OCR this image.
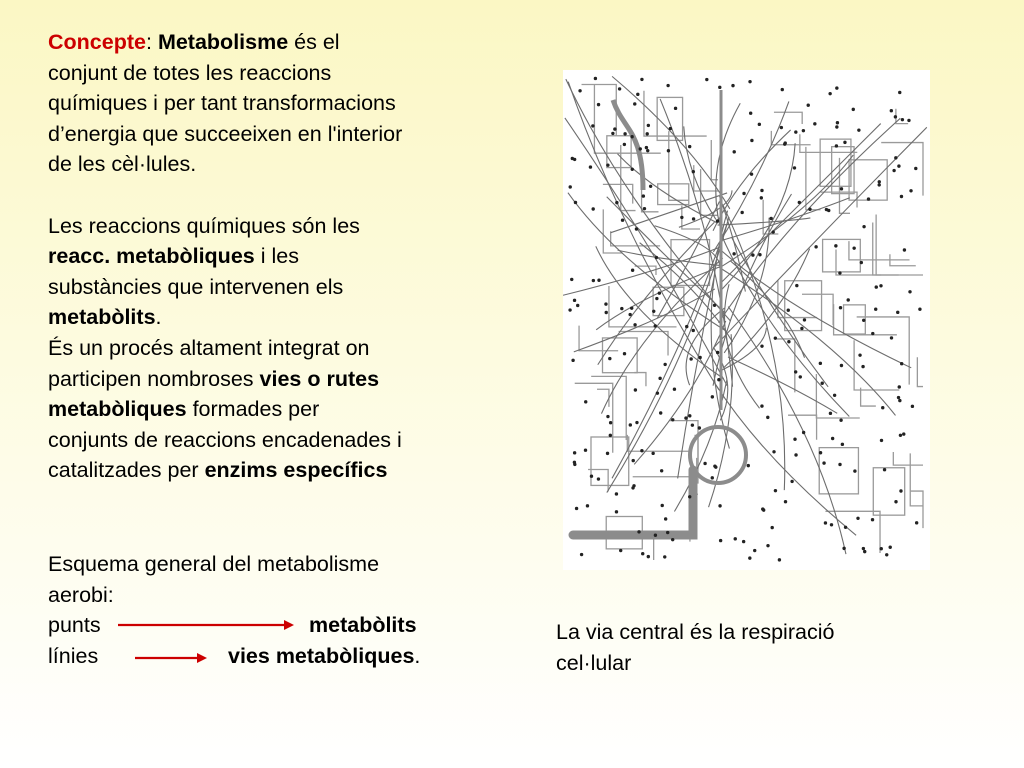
Concepte: Metabolisme és el
conjunt de totes les reaccions
químiques i per tant transformacions
d’energia que succeeixen en l'interior
de les cèl·lules.
Les reaccions químiques són les
reacc. metabòliques i les
substàncies que intervenen els
metabòlits.
És un procés altament integrat on
participen nombroses vies o rutes
metabòliques formades per
conjunts de reaccions encadenades i
catalitzades per enzims específics
Esquema general del metabolisme
aerobi:
punts	metabòlits
línies	vies metabòliques.
La via central és la respiració
cel·lular
